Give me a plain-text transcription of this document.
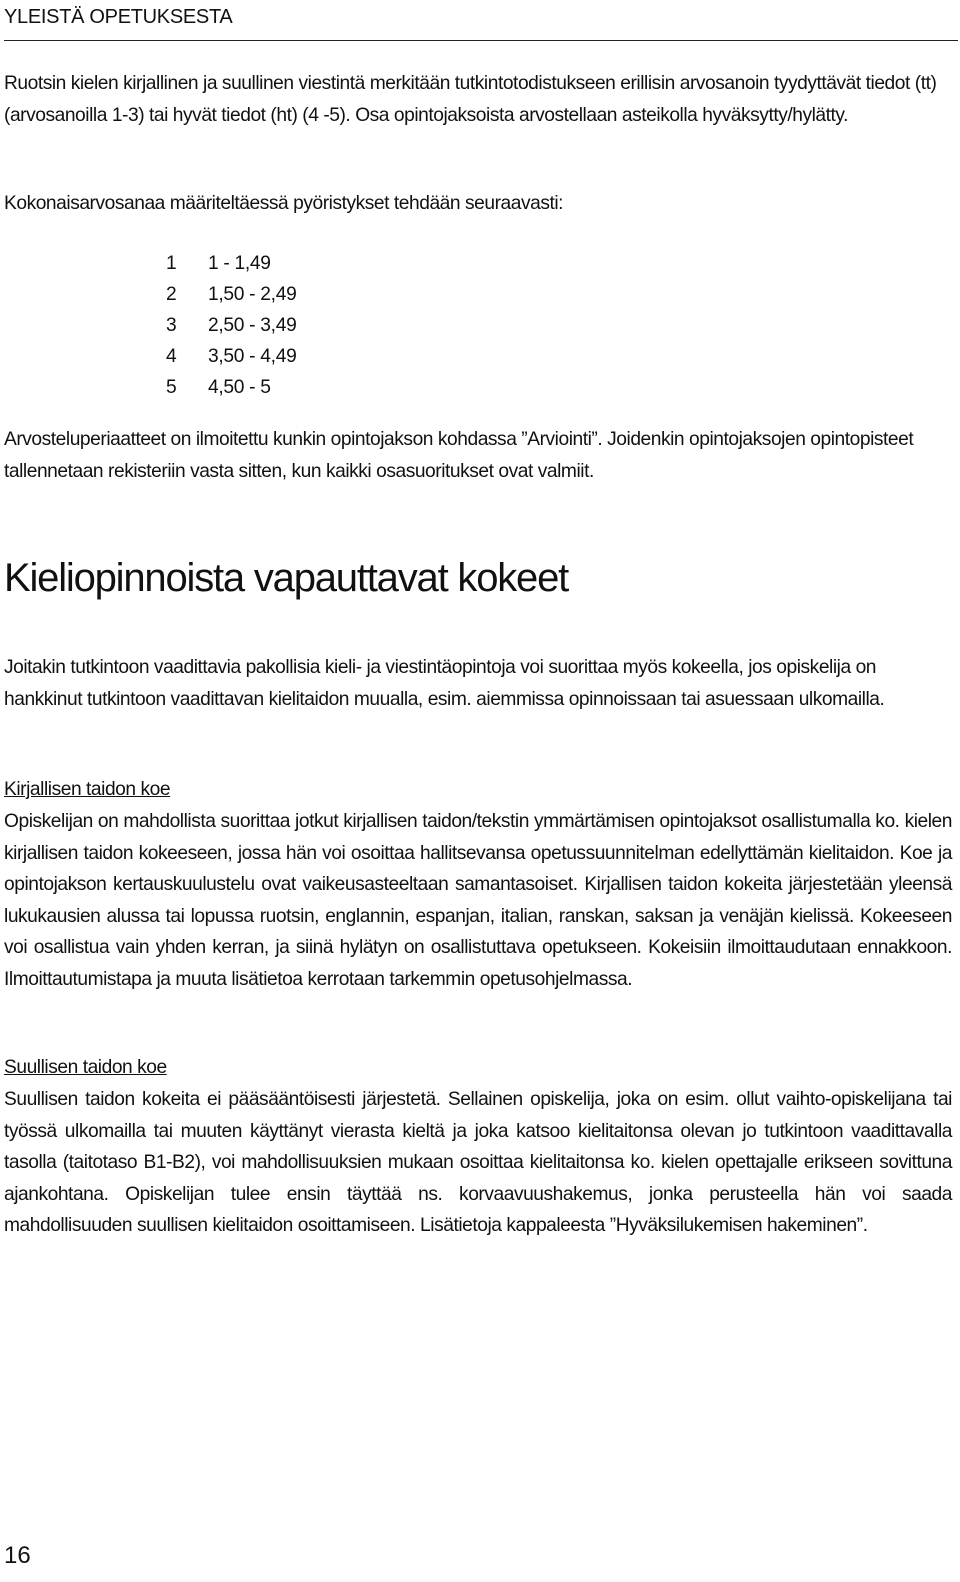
YLEISTÄ OPETUKSESTA
Ruotsin kielen kirjallinen ja suullinen viestintä merkitään tutkintotodistukseen erillisin arvosanoin tyydyttävät tiedot (tt) (arvosanoilla 1-3) tai hyvät tiedot (ht) (4 -5). Osa opintojaksoista arvostellaan asteikolla hyväksytty/hylätty.
Kokonaisarvosanaa määriteltäessä pyöristykset tehdään seuraavasti:
1	1 - 1,49
2	1,50 - 2,49
3	2,50 - 3,49
4	3,50 - 4,49
5	4,50 - 5
Arvosteluperiaatteet on ilmoitettu kunkin opintojakson kohdassa ”Arviointi”. Joidenkin opintojaksojen opintopisteet tallennetaan rekisteriin vasta sitten, kun kaikki osasuoritukset ovat valmiit.
Kieliopinnoista vapauttavat kokeet
Joitakin tutkintoon vaadittavia pakollisia kieli- ja viestintäopintoja voi suorittaa myös kokeella, jos opiskelija on hankkinut tutkintoon vaadittavan kielitaidon muualla, esim. aiemmissa opinnoissaan tai asuessaan ulkomailla.
Kirjallisen taidon koe
Opiskelijan on mahdollista suorittaa jotkut kirjallisen taidon/tekstin ymmärtämisen opintojaksot osallistumalla ko. kielen kirjallisen taidon kokeeseen, jossa hän voi osoittaa hallitsevansa opetussuunnitelman edellyttämän kielitaidon. Koe ja opintojakson kertauskuulustelu ovat vaikeusasteeltaan samantasoiset. Kirjallisen taidon kokeita järjestetään yleensä lukukausien alussa tai lopussa ruotsin, englannin, espanjan, italian, ranskan, saksan ja venäjän kielissä. Kokeeseen voi osallistua vain yhden kerran, ja siinä hylätyn on osallistuttava opetukseen. Kokeisiin ilmoittaudutaan ennakkoon. Ilmoittautumistapa ja muuta lisätietoa kerrotaan tarkemmin opetusohjelmassa.
Suullisen taidon koe
Suullisen taidon kokeita ei pääsääntöisesti järjestetä. Sellainen opiskelija, joka on esim. ollut vaihto-opiskelijana tai työssä ulkomailla tai muuten käyttänyt vierasta kieltä ja joka katsoo kielitaitonsa olevan jo tutkintoon vaadittavalla tasolla (taitotaso B1-B2), voi mahdollisuuksien mukaan osoittaa kielitaitonsa ko. kielen opettajalle erikseen sovittuna ajankohtana. Opiskelijan tulee ensin täyttää ns. korvaavuushakemus, jonka perusteella hän voi saada mahdollisuuden suullisen kielitaidon osoittamiseen. Lisätietoja kappaleesta ”Hyväksilukemisen hakeminen”.
16
